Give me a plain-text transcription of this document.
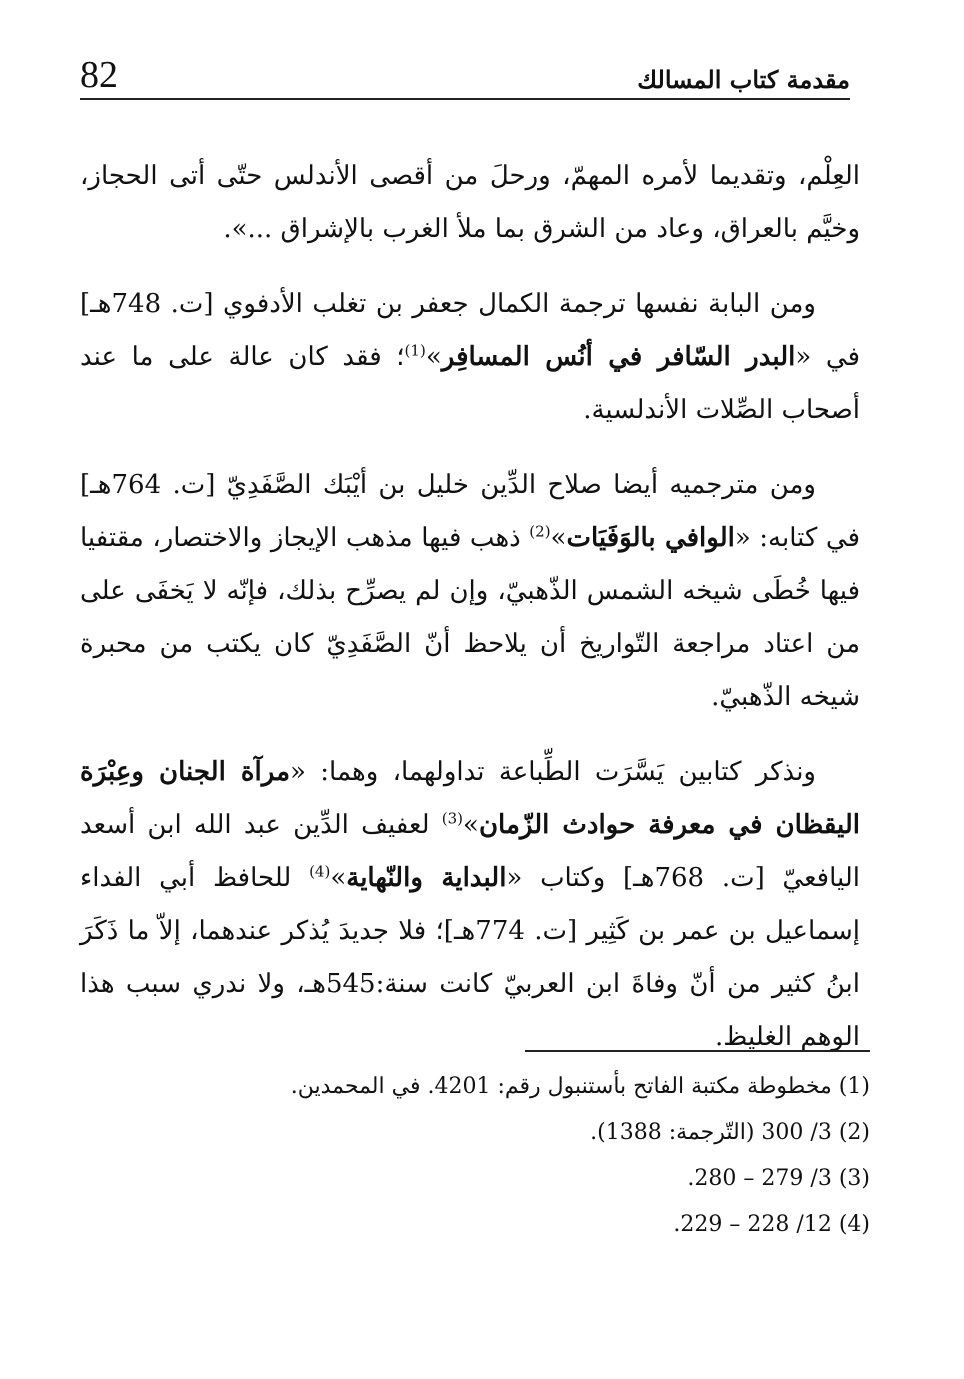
مقدمة كتاب المسالك
82

العِلْم، وتقديما لأمره المهمّ، ورحلَ من أقصى الأندلس حتّى أتى الحجاز، وخيَّم بالعراق، وعاد من الشرق بما ملأ الغرب بالإشراق ...».

ومن البابة نفسها ترجمة الكمال جعفر بن تغلب الأدفوي [ت. 748هـ] في «البدر السّافر في أنُس المسافِر»$^{(1)}$؛ فقد كان عالة على ما عند أصحاب الصِّلات الأندلسية.

ومن مترجميه أيضا صلاح الدِّين خليل بن أيْبَك الصَّفَدِيّ [ت. 764هـ] في كتابه: «الوافي بالوَفَيَات»$^{(2)}$ ذهب فيها مذهب الإيجاز والاختصار، مقتفيا فيها خُطَى شيخه الشمس الذّهبيّ، وإن لم يصرِّح بذلك، فإنّه لا يَخفَى على من اعتاد مراجعة التّواريخ أن يلاحظ أنّ الصَّفَدِيّ كان يكتب من محبرة شيخه الذّهبيّ.

ونذكر كتابين يَسَّرَت الطِّباعة تداولهما، وهما: «مرآة الجنان وعِبْرَة اليقظان في معرفة حوادث الزّمان»$^{(3)}$ لعفيف الدِّين عبد الله ابن أسعد اليافعيّ [ت. 768هـ] وكتاب «البداية والنّهاية»$^{(4)}$ للحافظ أبي الفداء إسماعيل بن عمر بن كَثِير [ت. 774هـ]؛ فلا جديدَ يُذكر عندهما، إلاّ ما ذَكَرَ ابنُ كثير من أنّ وفاةَ ابن العربيّ كانت سنة:545هـ، ولا ندري سبب هذا الوهم الغليظ.

(1) مخطوطة مكتبة الفاتح بأستنبول رقم: 4201. في المحمدين.

(2) 3/ 300 (التّرجمة: 1388).

(3) 3/ 279 – 280.

(4) 12/ 228 – 229.
